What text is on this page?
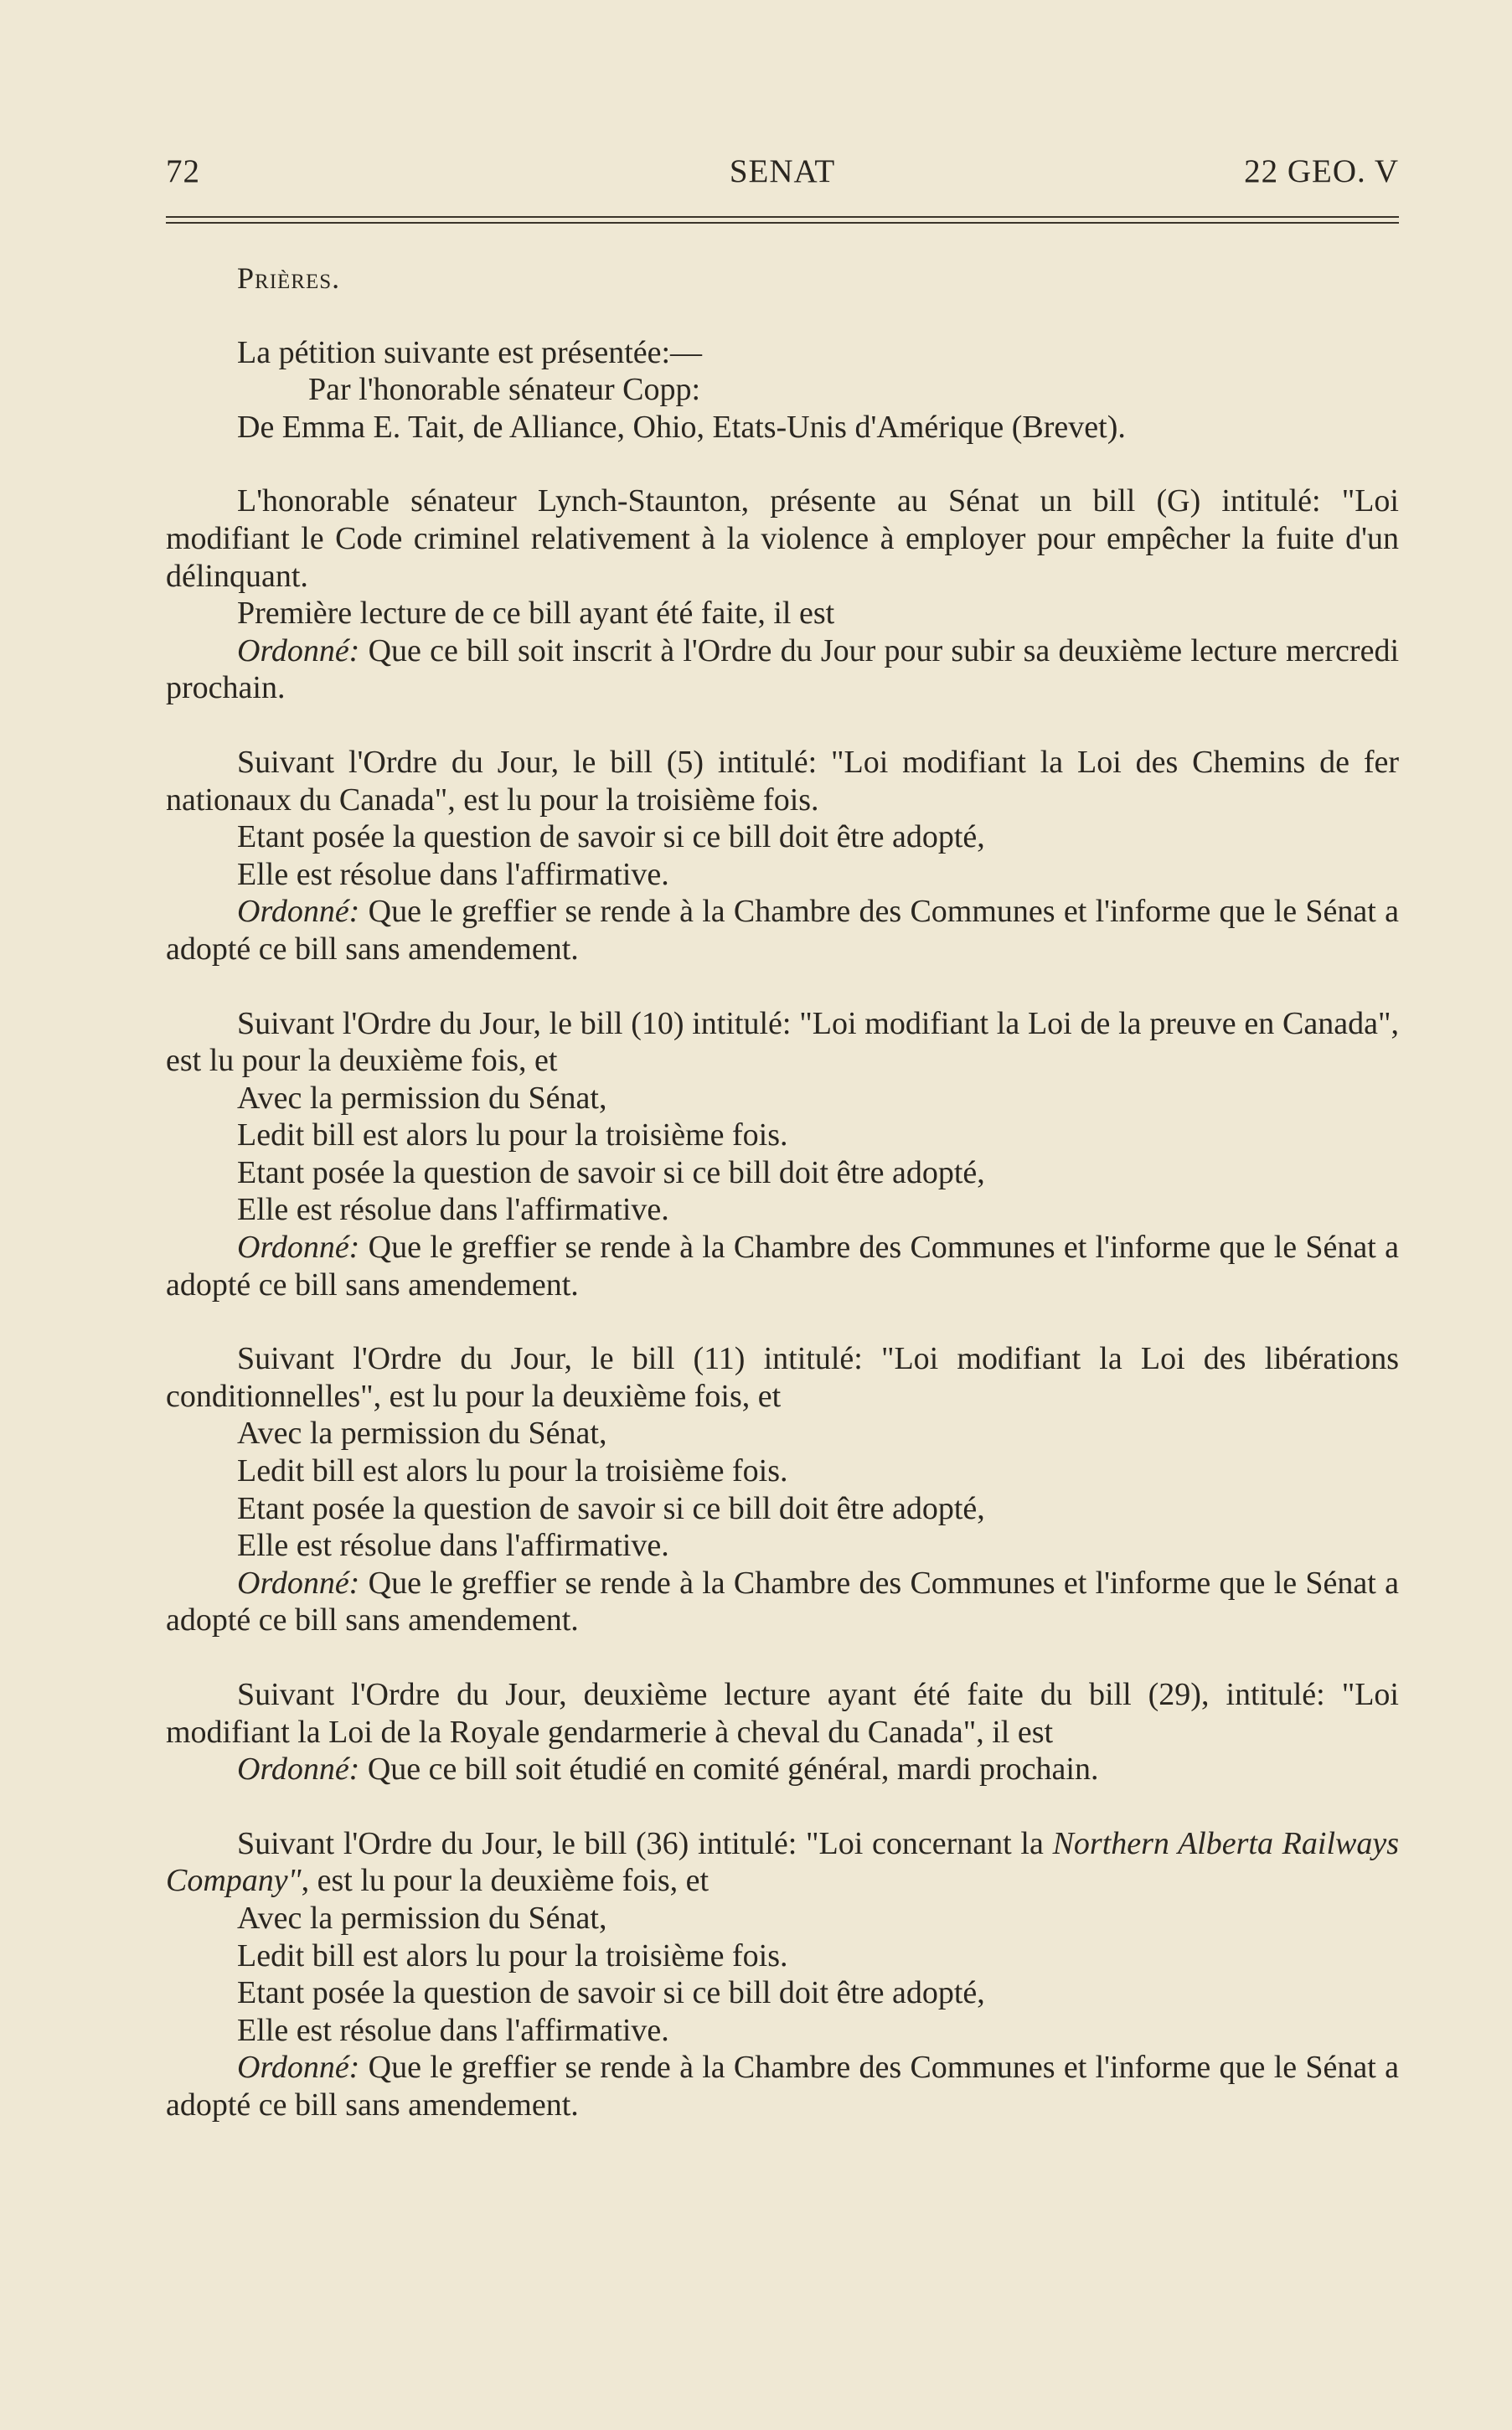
72	SENAT	22 GEO. V

Prières.

La pétition suivante est présentée:—

Par l'honorable sénateur Copp:

De Emma E. Tait, de Alliance, Ohio, Etats-Unis d'Amérique (Brevet).

L'honorable sénateur Lynch-Staunton, présente au Sénat un bill (G) intitulé: "Loi modifiant le Code criminel relativement à la violence à employer pour empêcher la fuite d'un délinquant.

Première lecture de ce bill ayant été faite, il est

Ordonné: Que ce bill soit inscrit à l'Ordre du Jour pour subir sa deuxième lecture mercredi prochain.

Suivant l'Ordre du Jour, le bill (5) intitulé: "Loi modifiant la Loi des Chemins de fer nationaux du Canada", est lu pour la troisième fois.

Etant posée la question de savoir si ce bill doit être adopté,

Elle est résolue dans l'affirmative.

Ordonné: Que le greffier se rende à la Chambre des Communes et l'informe que le Sénat a adopté ce bill sans amendement.

Suivant l'Ordre du Jour, le bill (10) intitulé: "Loi modifiant la Loi de la preuve en Canada", est lu pour la deuxième fois, et

Avec la permission du Sénat,

Ledit bill est alors lu pour la troisième fois.

Etant posée la question de savoir si ce bill doit être adopté,

Elle est résolue dans l'affirmative.

Ordonné: Que le greffier se rende à la Chambre des Communes et l'informe que le Sénat a adopté ce bill sans amendement.

Suivant l'Ordre du Jour, le bill (11) intitulé: "Loi modifiant la Loi des libérations conditionnelles", est lu pour la deuxième fois, et

Avec la permission du Sénat,

Ledit bill est alors lu pour la troisième fois.

Etant posée la question de savoir si ce bill doit être adopté,

Elle est résolue dans l'affirmative.

Ordonné: Que le greffier se rende à la Chambre des Communes et l'informe que le Sénat a adopté ce bill sans amendement.

Suivant l'Ordre du Jour, deuxième lecture ayant été faite du bill (29), intitulé: "Loi modifiant la Loi de la Royale gendarmerie à cheval du Canada", il est

Ordonné: Que ce bill soit étudié en comité général, mardi prochain.

Suivant l'Ordre du Jour, le bill (36) intitulé: "Loi concernant la Northern Alberta Railways Company", est lu pour la deuxième fois, et

Avec la permission du Sénat,

Ledit bill est alors lu pour la troisième fois.

Etant posée la question de savoir si ce bill doit être adopté,

Elle est résolue dans l'affirmative.

Ordonné: Que le greffier se rende à la Chambre des Communes et l'informe que le Sénat a adopté ce bill sans amendement.
